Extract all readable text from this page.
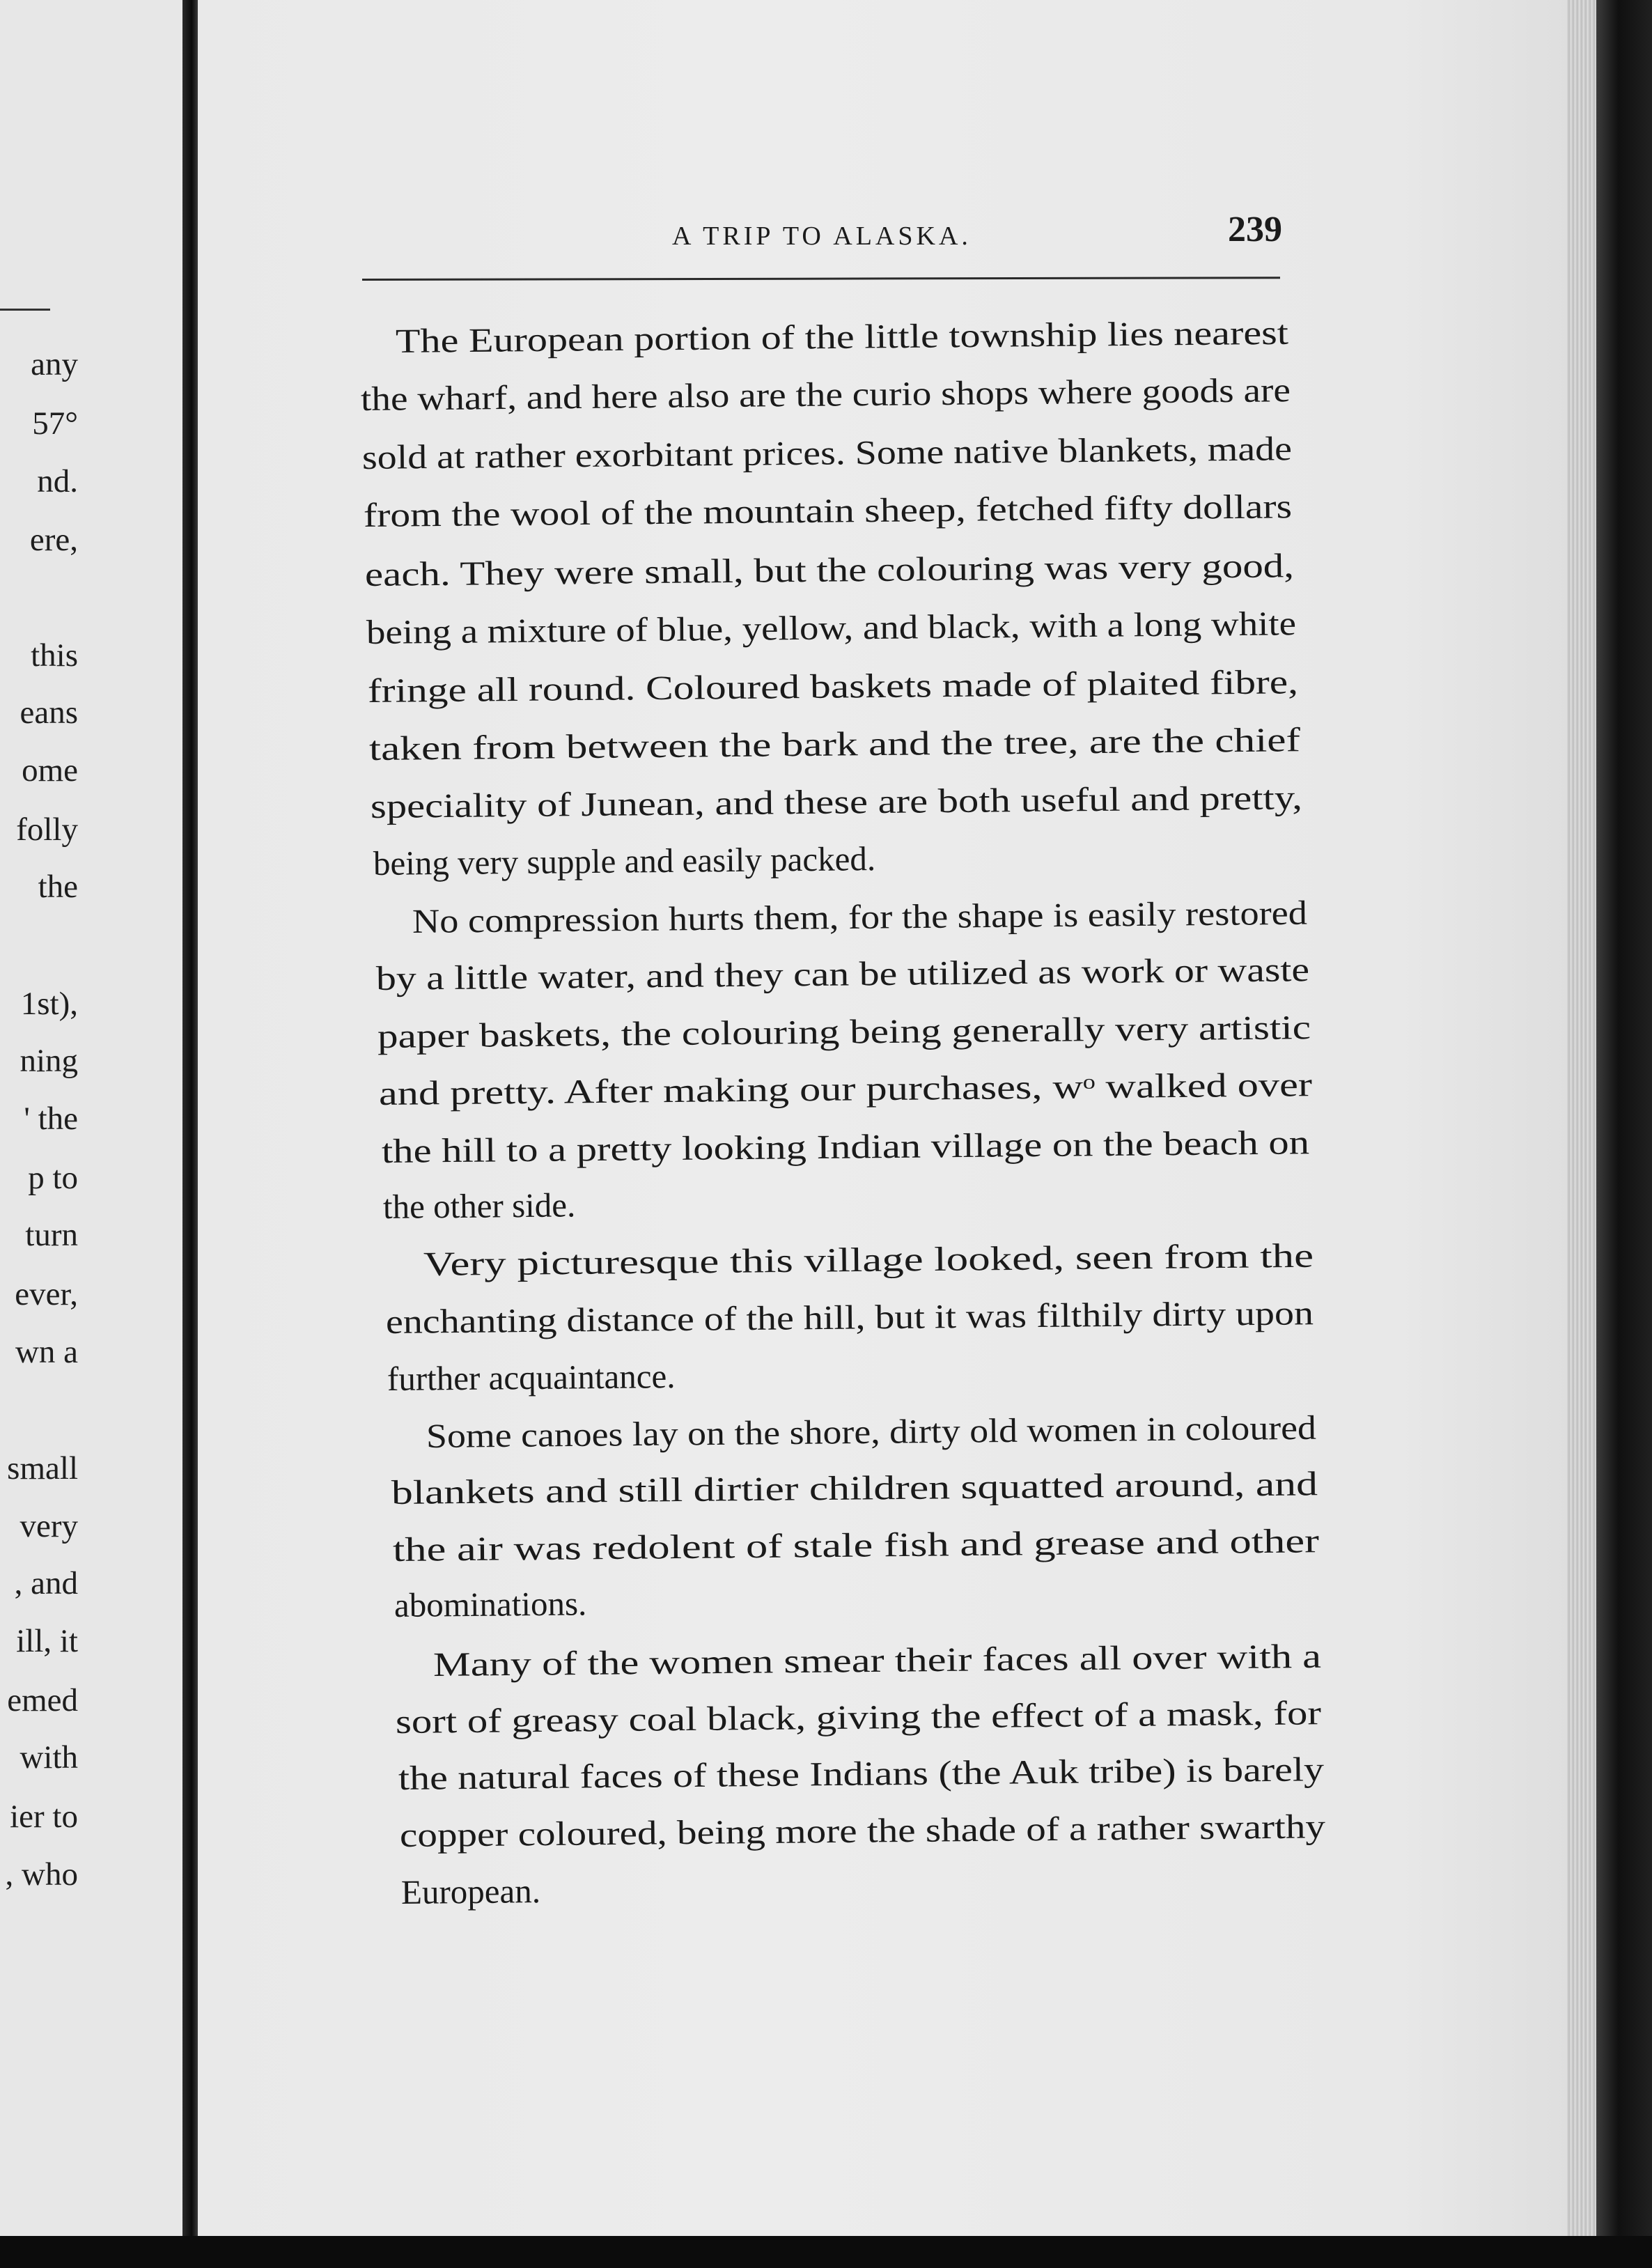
any
57°
nd.
ere,
this
eans
ome
folly
the
1st),
ning
' the
p to
turn
ever,
wn a
small
very
, and
ill, it
emed
with
ier to
, who
A TRIP TO ALASKA.	239
The European portion of the little township lies nearest
the wharf, and here also are the curio shops where goods are
sold at rather exorbitant prices. Some native blankets, made
from the wool of the mountain sheep, fetched fifty dollars
each. They were small, but the colouring was very good,
being a mixture of blue, yellow, and black, with a long white
fringe all round. Coloured baskets made of plaited fibre,
taken from between the bark and the tree, are the chief
speciality of Junean, and these are both useful and pretty,
being very supple and easily packed.
No compression hurts them, for the shape is easily restored
by a little water, and they can be utilized as work or waste
paper baskets, the colouring being generally very artistic
and pretty. After making our purchases, wᵒ walked over
the hill to a pretty looking Indian village on the beach on
the other side.
Very picturesque this village looked, seen from the
enchanting distance of the hill, but it was filthily dirty upon
further acquaintance.
Some canoes lay on the shore, dirty old women in coloured
blankets and still dirtier children squatted around, and
the air was redolent of stale fish and grease and other
abominations.
Many of the women smear their faces all over with a
sort of greasy coal black, giving the effect of a mask, for
the natural faces of these Indians (the Auk tribe) is barely
copper coloured, being more the shade of a rather swarthy
European.
